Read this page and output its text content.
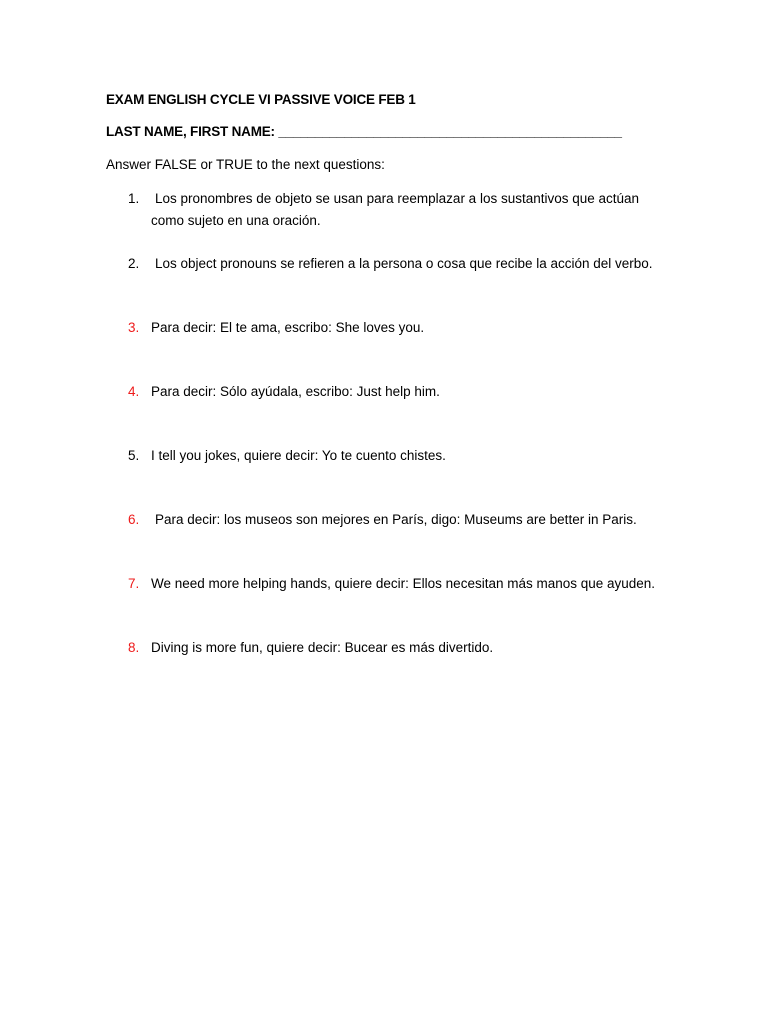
EXAM ENGLISH CYCLE VI PASSIVE VOICE FEB 1
LAST NAME, FIRST NAME: _______________________________________________
Answer FALSE or TRUE to the next questions:
1.	Los pronombres de objeto se usan para reemplazar a los sustantivos que actúan como sujeto en una oración.
2.	Los object pronouns se refieren a la persona o cosa que recibe la acción del verbo.
3. Para decir: El te ama, escribo: She loves you.
4. Para decir: Sólo ayúdala, escribo: Just help him.
5. I tell you jokes, quiere decir: Yo te cuento chistes.
6.	Para decir: los museos son mejores en París, digo: Museums are better in Paris.
7. We need more helping hands, quiere decir: Ellos necesitan más manos que ayuden.
8. Diving is more fun, quiere decir: Bucear es más divertido.
